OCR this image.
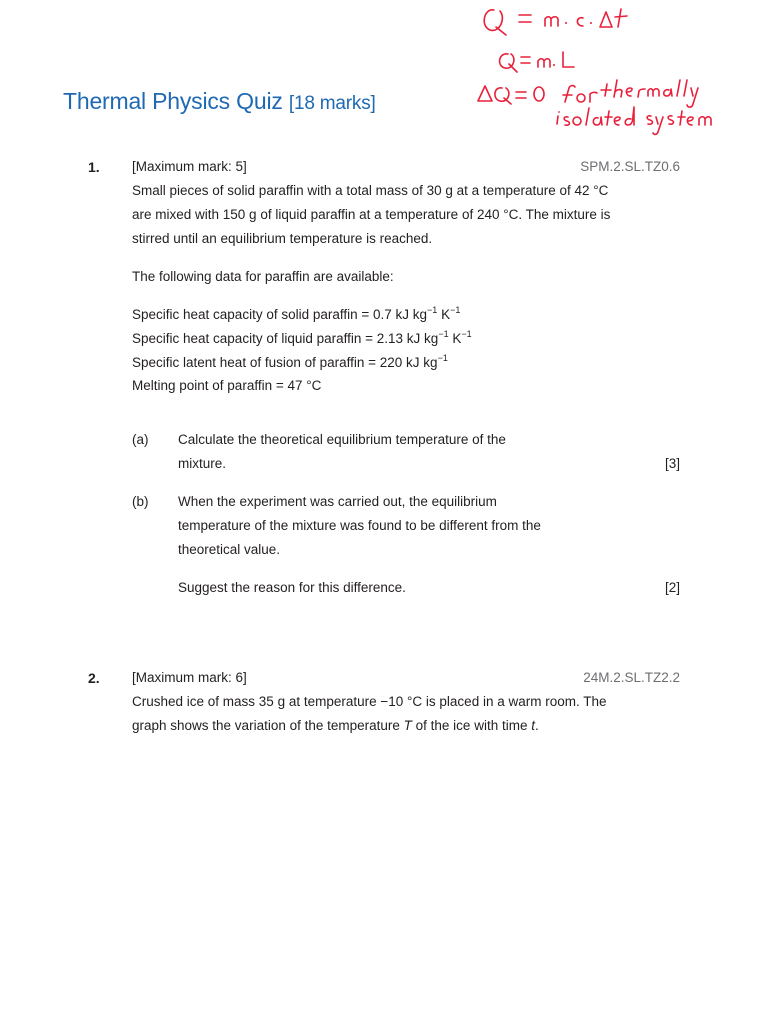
Thermal Physics Quiz [18 marks]
1. [Maximum mark: 5]	SPM.2.SL.TZ0.6
Small pieces of solid paraffin with a total mass of 30 g at a temperature of 42 °C
are mixed with 150 g of liquid paraffin at a temperature of 240 °C. The mixture is
stirred until an equilibrium temperature is reached.
The following data for paraffin are available:
Specific heat capacity of solid paraffin = 0.7 kJ $kg^{-1}$ $K^{-1}$
Specific heat capacity of liquid paraffin = 2.13 kJ $kg^{-1}$ $K^{-1}$
Specific latent heat of fusion of paraffin = 220 kJ $kg^{-1}$
Melting point of paraffin = 47 °C
(a) Calculate the theoretical equilibrium temperature of the
mixture.	[3]
(b) When the experiment was carried out, the equilibrium
temperature of the mixture was found to be different from the
theoretical value.
Suggest the reason for this difference.	[2]
2. [Maximum mark: 6]	24M.2.SL.TZ2.2
Crushed ice of mass 35 g at temperature −10 °C is placed in a warm room. The
graph shows the variation of the temperature T of the ice with time t.
